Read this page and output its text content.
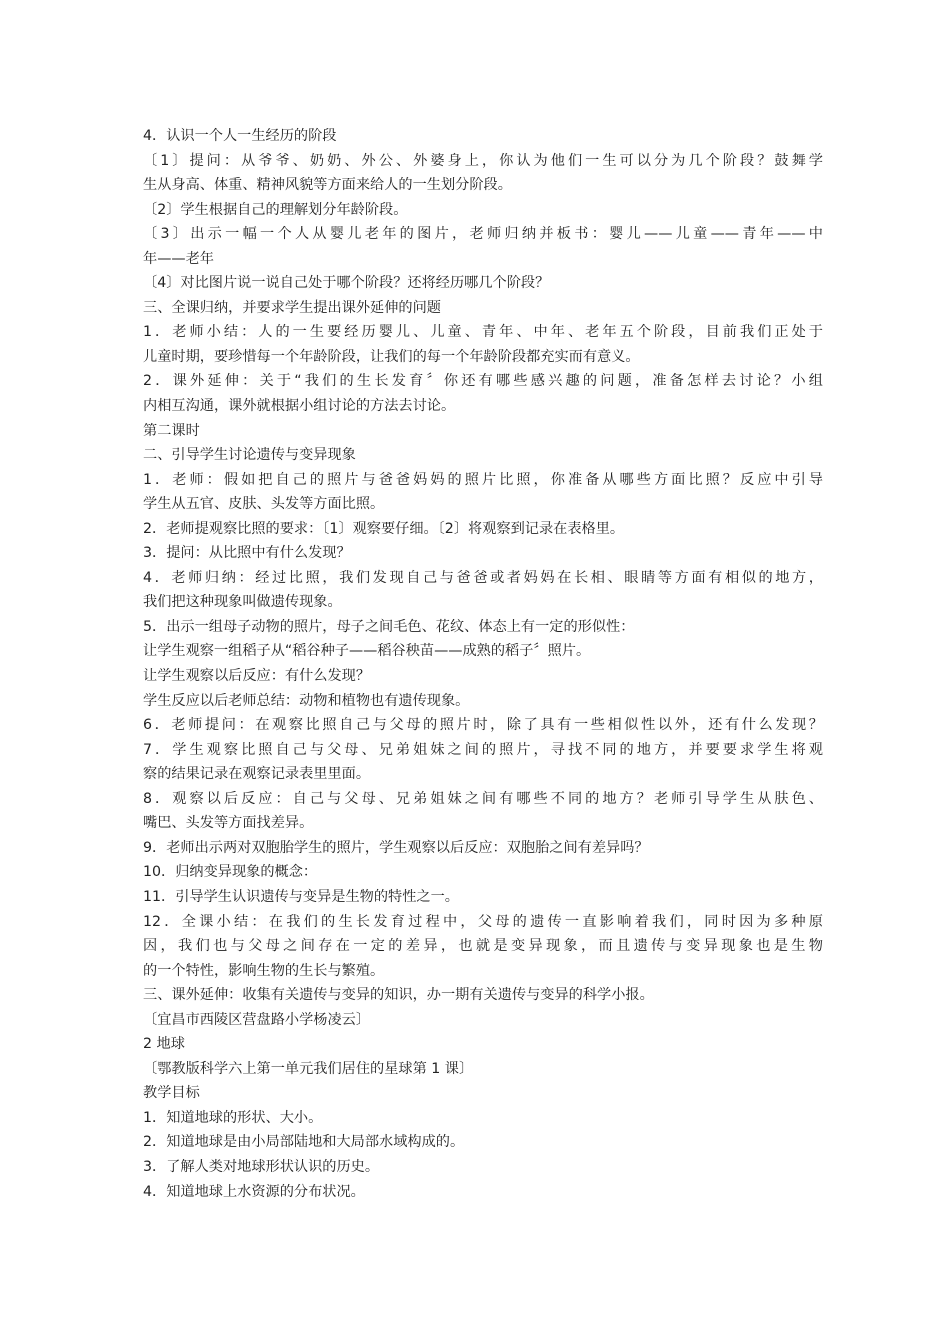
4．认识一个人一生经历的阶段
〔1〕提问：从爷爷、奶奶、外公、外婆身上，你认为他们一生可以分为几个阶段？鼓舞学
生从身高、体重、精神风貌等方面来给人的一生划分阶段。
〔2〕学生根据自己的理解划分年龄阶段。
〔3〕出示一幅一个人从婴儿老年的图片，老师归纳并板书：婴儿——儿童——青年——中
年——老年
〔4〕对比图片说一说自己处于哪个阶段？还将经历哪几个阶段？
三、全课归纳，并要求学生提出课外延伸的问题
1．老师小结：人的一生要经历婴儿、儿童、青年、中年、老年五个阶段，目前我们正处于
儿童时期，要珍惜每一个年龄阶段，让我们的每一个年龄阶段都充实而有意义。
2．课外延伸：关于“我们的生长发育〞你还有哪些感兴趣的问题，准备怎样去讨论？小组
内相互沟通，课外就根据小组讨论的方法去讨论。
第二课时
二、引导学生讨论遗传与变异现象
1．老师：假如把自己的照片与爸爸妈妈的照片比照，你准备从哪些方面比照？反应中引导
学生从五官、皮肤、头发等方面比照。
2．老师提观察比照的要求：〔1〕观察要仔细。〔2〕将观察到记录在表格里。
3．提问：从比照中有什么发现？
4．老师归纳：经过比照，我们发现自己与爸爸或者妈妈在长相、眼睛等方面有相似的地方，
我们把这种现象叫做遗传现象。
5．出示一组母子动物的照片，母子之间毛色、花纹、体态上有一定的形似性：
让学生观察一组稻子从“稻谷种子——稻谷秧苗——成熟的稻子〞照片。
让学生观察以后反应：有什么发现？
学生反应以后老师总结：动物和植物也有遗传现象。
6．老师提问：在观察比照自己与父母的照片时，除了具有一些相似性以外，还有什么发现？
7．学生观察比照自己与父母、兄弟姐妹之间的照片，寻找不同的地方，并要要求学生将观
察的结果记录在观察记录表里里面。
8．观察以后反应：自己与父母、兄弟姐妹之间有哪些不同的地方？老师引导学生从肤色、
嘴巴、头发等方面找差异。
9．老师出示两对双胞胎学生的照片，学生观察以后反应：双胞胎之间有差异吗？
10．归纳变异现象的概念：
11．引导学生认识遗传与变异是生物的特性之一。
12．全课小结：在我们的生长发育过程中，父母的遗传一直影响着我们，同时因为多种原
因，我们也与父母之间存在一定的差异，也就是变异现象，而且遗传与变异现象也是生物
的一个特性，影响生物的生长与繁殖。
三、课外延伸：收集有关遗传与变异的知识，办一期有关遗传与变异的科学小报。
〔宜昌市西陵区营盘路小学杨凌云〕
2 地球
〔鄂教版科学六上第一单元我们居住的星球第 1 课〕
教学目标
1．知道地球的形状、大小。
2．知道地球是由小局部陆地和大局部水域构成的。
3．了解人类对地球形状认识的历史。
4．知道地球上水资源的分布状况。
